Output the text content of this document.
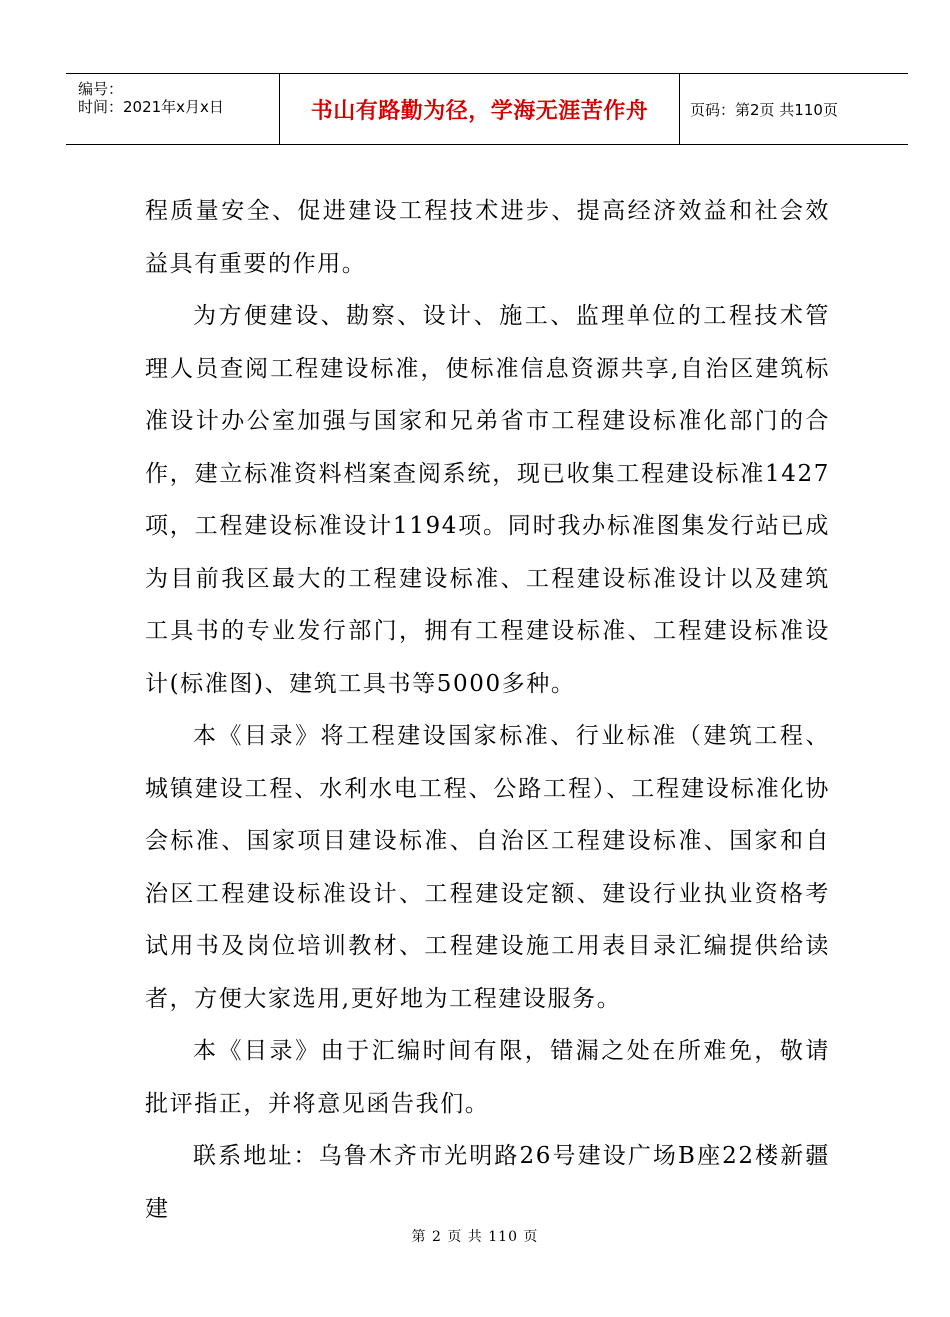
编号：
时间：2021年x月x日	书山有路勤为径，学海无涯苦作舟	页码：第2页 共110页

程质量安全、促进建设工程技术进步、提高经济效益和社会效益具有重要的作用。

为方便建设、勘察、设计、施工、监理单位的工程技术管理人员查阅工程建设标准，使标准信息资源共享,自治区建筑标准设计办公室加强与国家和兄弟省市工程建设标准化部门的合作，建立标准资料档案查阅系统，现已收集工程建设标准1427项，工程建设标准设计1194项。同时我办标准图集发行站已成为目前我区最大的工程建设标准、工程建设标准设计以及建筑工具书的专业发行部门，拥有工程建设标准、工程建设标准设计(标准图)、建筑工具书等5000多种。

本《目录》将工程建设国家标准、行业标准（建筑工程、城镇建设工程、水利水电工程、公路工程）、工程建设标准化协会标准、国家项目建设标准、自治区工程建设标准、国家和自治区工程建设标准设计、工程建设定额、建设行业执业资格考试用书及岗位培训教材、工程建设施工用表目录汇编提供给读者，方便大家选用,更好地为工程建设服务。

本《目录》由于汇编时间有限，错漏之处在所难免，敬请批评指正，并将意见函告我们。

联系地址：乌鲁木齐市光明路26号建设广场B座22楼新疆建

第 2 页 共 110 页
